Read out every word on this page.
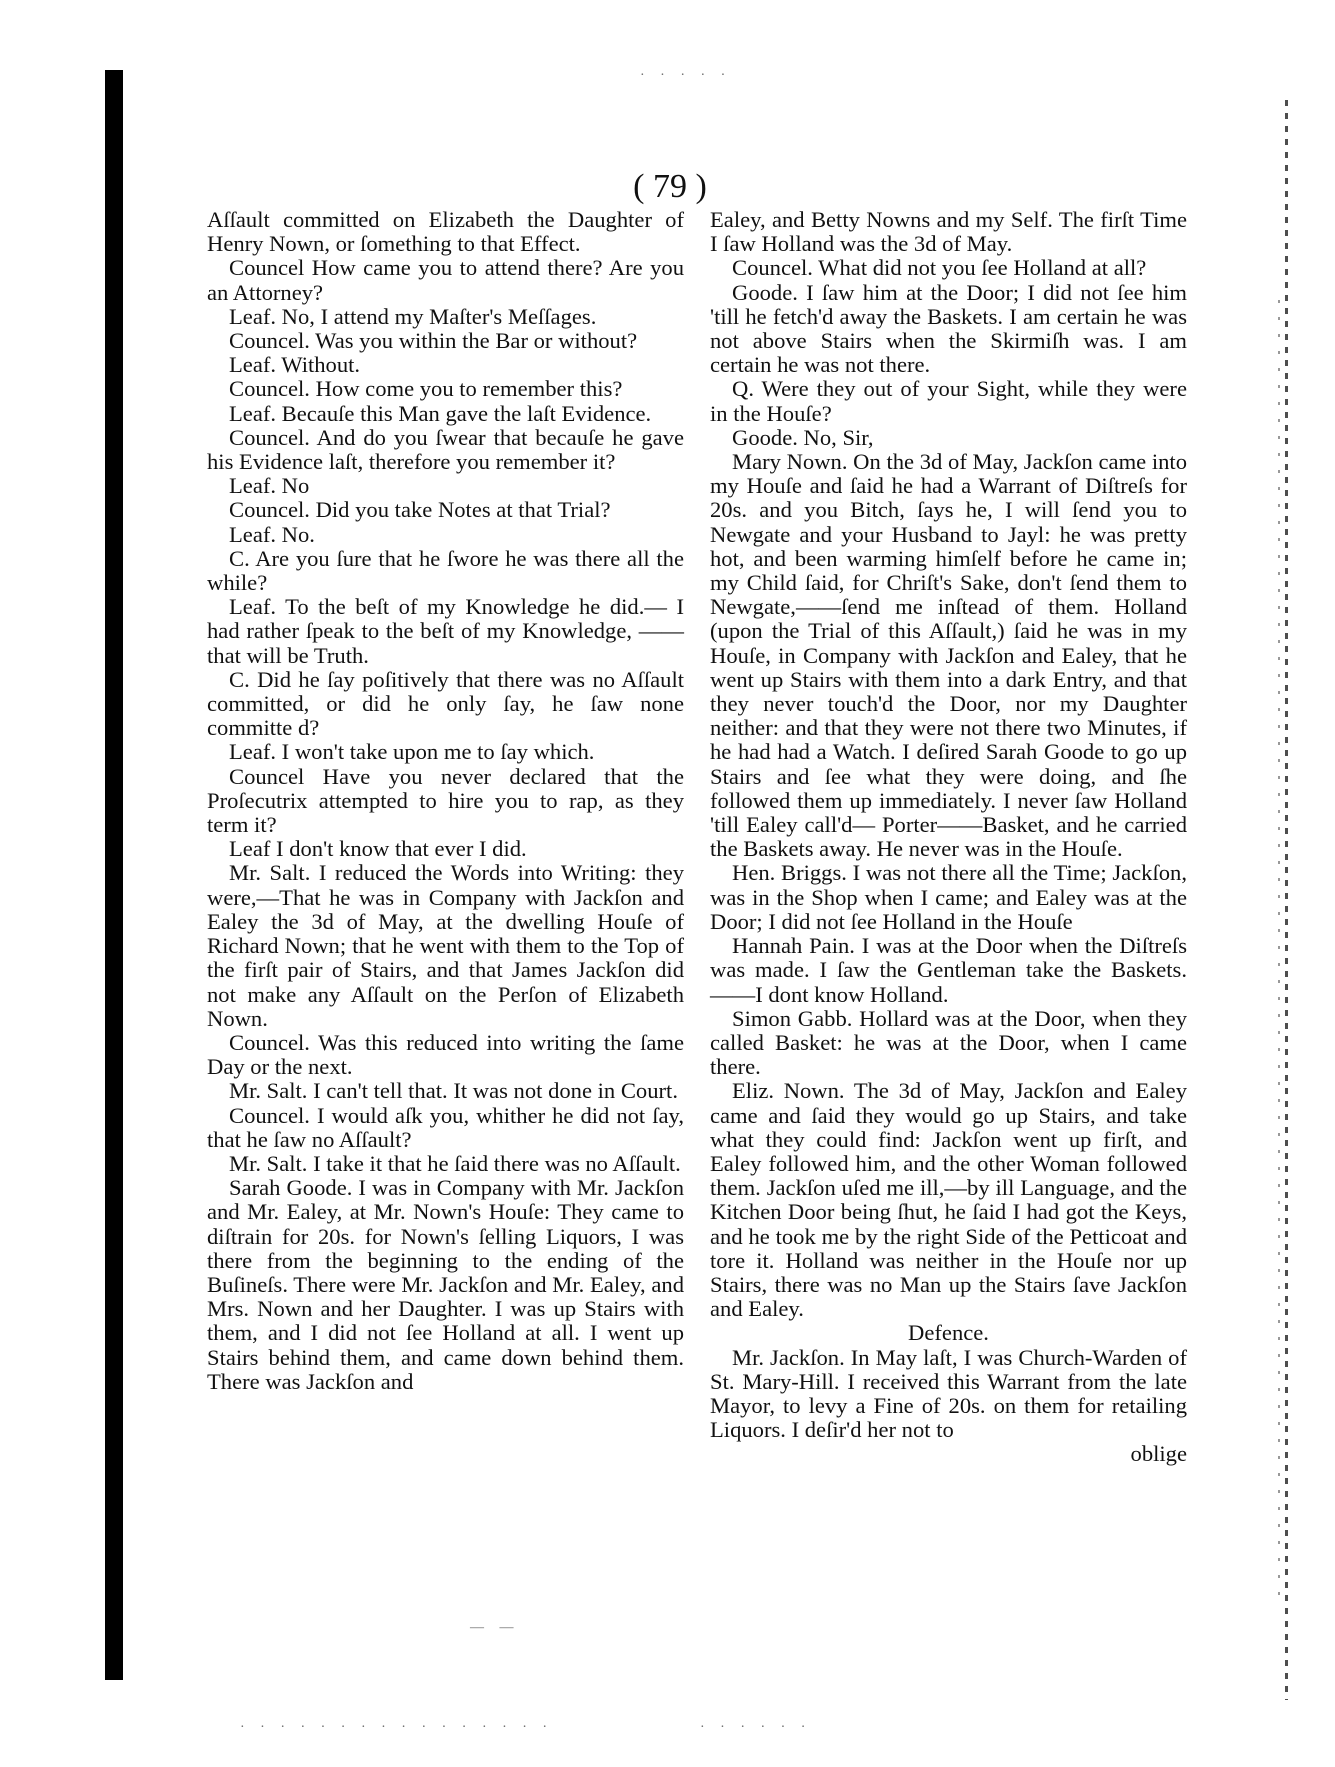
· · · · ·
— —
· · · · · · · · · · · · · · · ·	· · · · · ·
( 79 )

Aſſault committed on Elizabeth the Daughter of Henry Nown, or ſomething to that Effect.

Councel How came you to attend there? Are you an Attorney?

Leaf. No, I attend my Maſter's Meſſages.

Councel. Was you within the Bar or without?

Leaf. Without.

Councel. How come you to remember this?

Leaf. Becauſe this Man gave the laſt Evidence.

Councel. And do you ſwear that becauſe he gave his Evidence laſt, therefore you remember it?

Leaf. No

Councel. Did you take Notes at that Trial?

Leaf. No.

C. Are you ſure that he ſwore he was there all the while?

Leaf. To the beſt of my Knowledge he did.— I had rather ſpeak to the beſt of my Knowledge, ——that will be Truth.

C. Did he ſay poſitively that there was no Aſſault committed, or did he only ſay, he ſaw none committe d?

Leaf. I won't take upon me to ſay which.

Councel Have you never declared that the Proſecutrix attempted to hire you to rap, as they term it?

Leaf I don't know that ever I did.

Mr. Salt. I reduced the Words into Writing: they were,—That he was in Company with Jackſon and Ealey the 3d of May, at the dwelling Houſe of Richard Nown; that he went with them to the Top of the firſt pair of Stairs, and that James Jackſon did not make any Aſſault on the Perſon of Elizabeth Nown.

Councel. Was this reduced into writing the ſame Day or the next.

Mr. Salt. I can't tell that. It was not done in Court.

Councel. I would aſk you, whither he did not ſay, that he ſaw no Aſſault?

Mr. Salt. I take it that he ſaid there was no Aſſault.

Sarah Goode. I was in Company with Mr. Jackſon and Mr. Ealey, at Mr. Nown's Houſe: They came to diſtrain for 20s. for Nown's ſelling Liquors, I was there from the beginning to the ending of the Buſineſs. There were Mr. Jackſon and Mr. Ealey, and Mrs. Nown and her Daughter. I was up Stairs with them, and I did not ſee Holland at all. I went up Stairs behind them, and came down behind them. There was Jackſon and

Ealey, and Betty Nowns and my Self. The firſt Time I ſaw Holland was the 3d of May.

Councel. What did not you ſee Holland at all?

Goode. I ſaw him at the Door; I did not ſee him 'till he fetch'd away the Baskets. I am certain he was not above Stairs when the Skirmiſh was. I am certain he was not there.

Q. Were they out of your Sight, while they were in the Houſe?

Goode. No, Sir,

Mary Nown. On the 3d of May, Jackſon came into my Houſe and ſaid he had a Warrant of Diſtreſs for 20s. and you Bitch, ſays he, I will ſend you to Newgate and your Husband to Jayl: he was pretty hot, and been warming himſelf before he came in; my Child ſaid, for Chriſt's Sake, don't ſend them to Newgate,——ſend me inſtead of them. Holland (upon the Trial of this Aſſault,) ſaid he was in my Houſe, in Company with Jackſon and Ealey, that he went up Stairs with them into a dark Entry, and that they never touch'd the Door, nor my Daughter neither: and that they were not there two Minutes, if he had had a Watch. I deſired Sarah Goode to go up Stairs and ſee what they were doing, and ſhe followed them up immediately. I never ſaw Holland 'till Ealey call'd— Porter——Basket, and he carried the Baskets away. He never was in the Houſe.

Hen. Briggs. I was not there all the Time; Jackſon, was in the Shop when I came; and Ealey was at the Door; I did not ſee Holland in the Houſe

Hannah Pain. I was at the Door when the Diſtreſs was made. I ſaw the Gentleman take the Baskets.——I dont know Holland.

Simon Gabb. Hollard was at the Door, when they called Basket: he was at the Door, when I came there.

Eliz. Nown. The 3d of May, Jackſon and Ealey came and ſaid they would go up Stairs, and take what they could find: Jackſon went up firſt, and Ealey followed him, and the other Woman followed them. Jackſon uſed me ill,—by ill Language, and the Kitchen Door being ſhut, he ſaid I had got the Keys, and he took me by the right Side of the Petticoat and tore it. Holland was neither in the Houſe nor up Stairs, there was no Man up the Stairs ſave Jackſon and Ealey.

Defence.

Mr. Jackſon. In May laſt, I was Church-Warden of St. Mary-Hill. I received this Warrant from the late Mayor, to levy a Fine of 20s. on them for retailing Liquors. I deſir'd her not to

oblige
